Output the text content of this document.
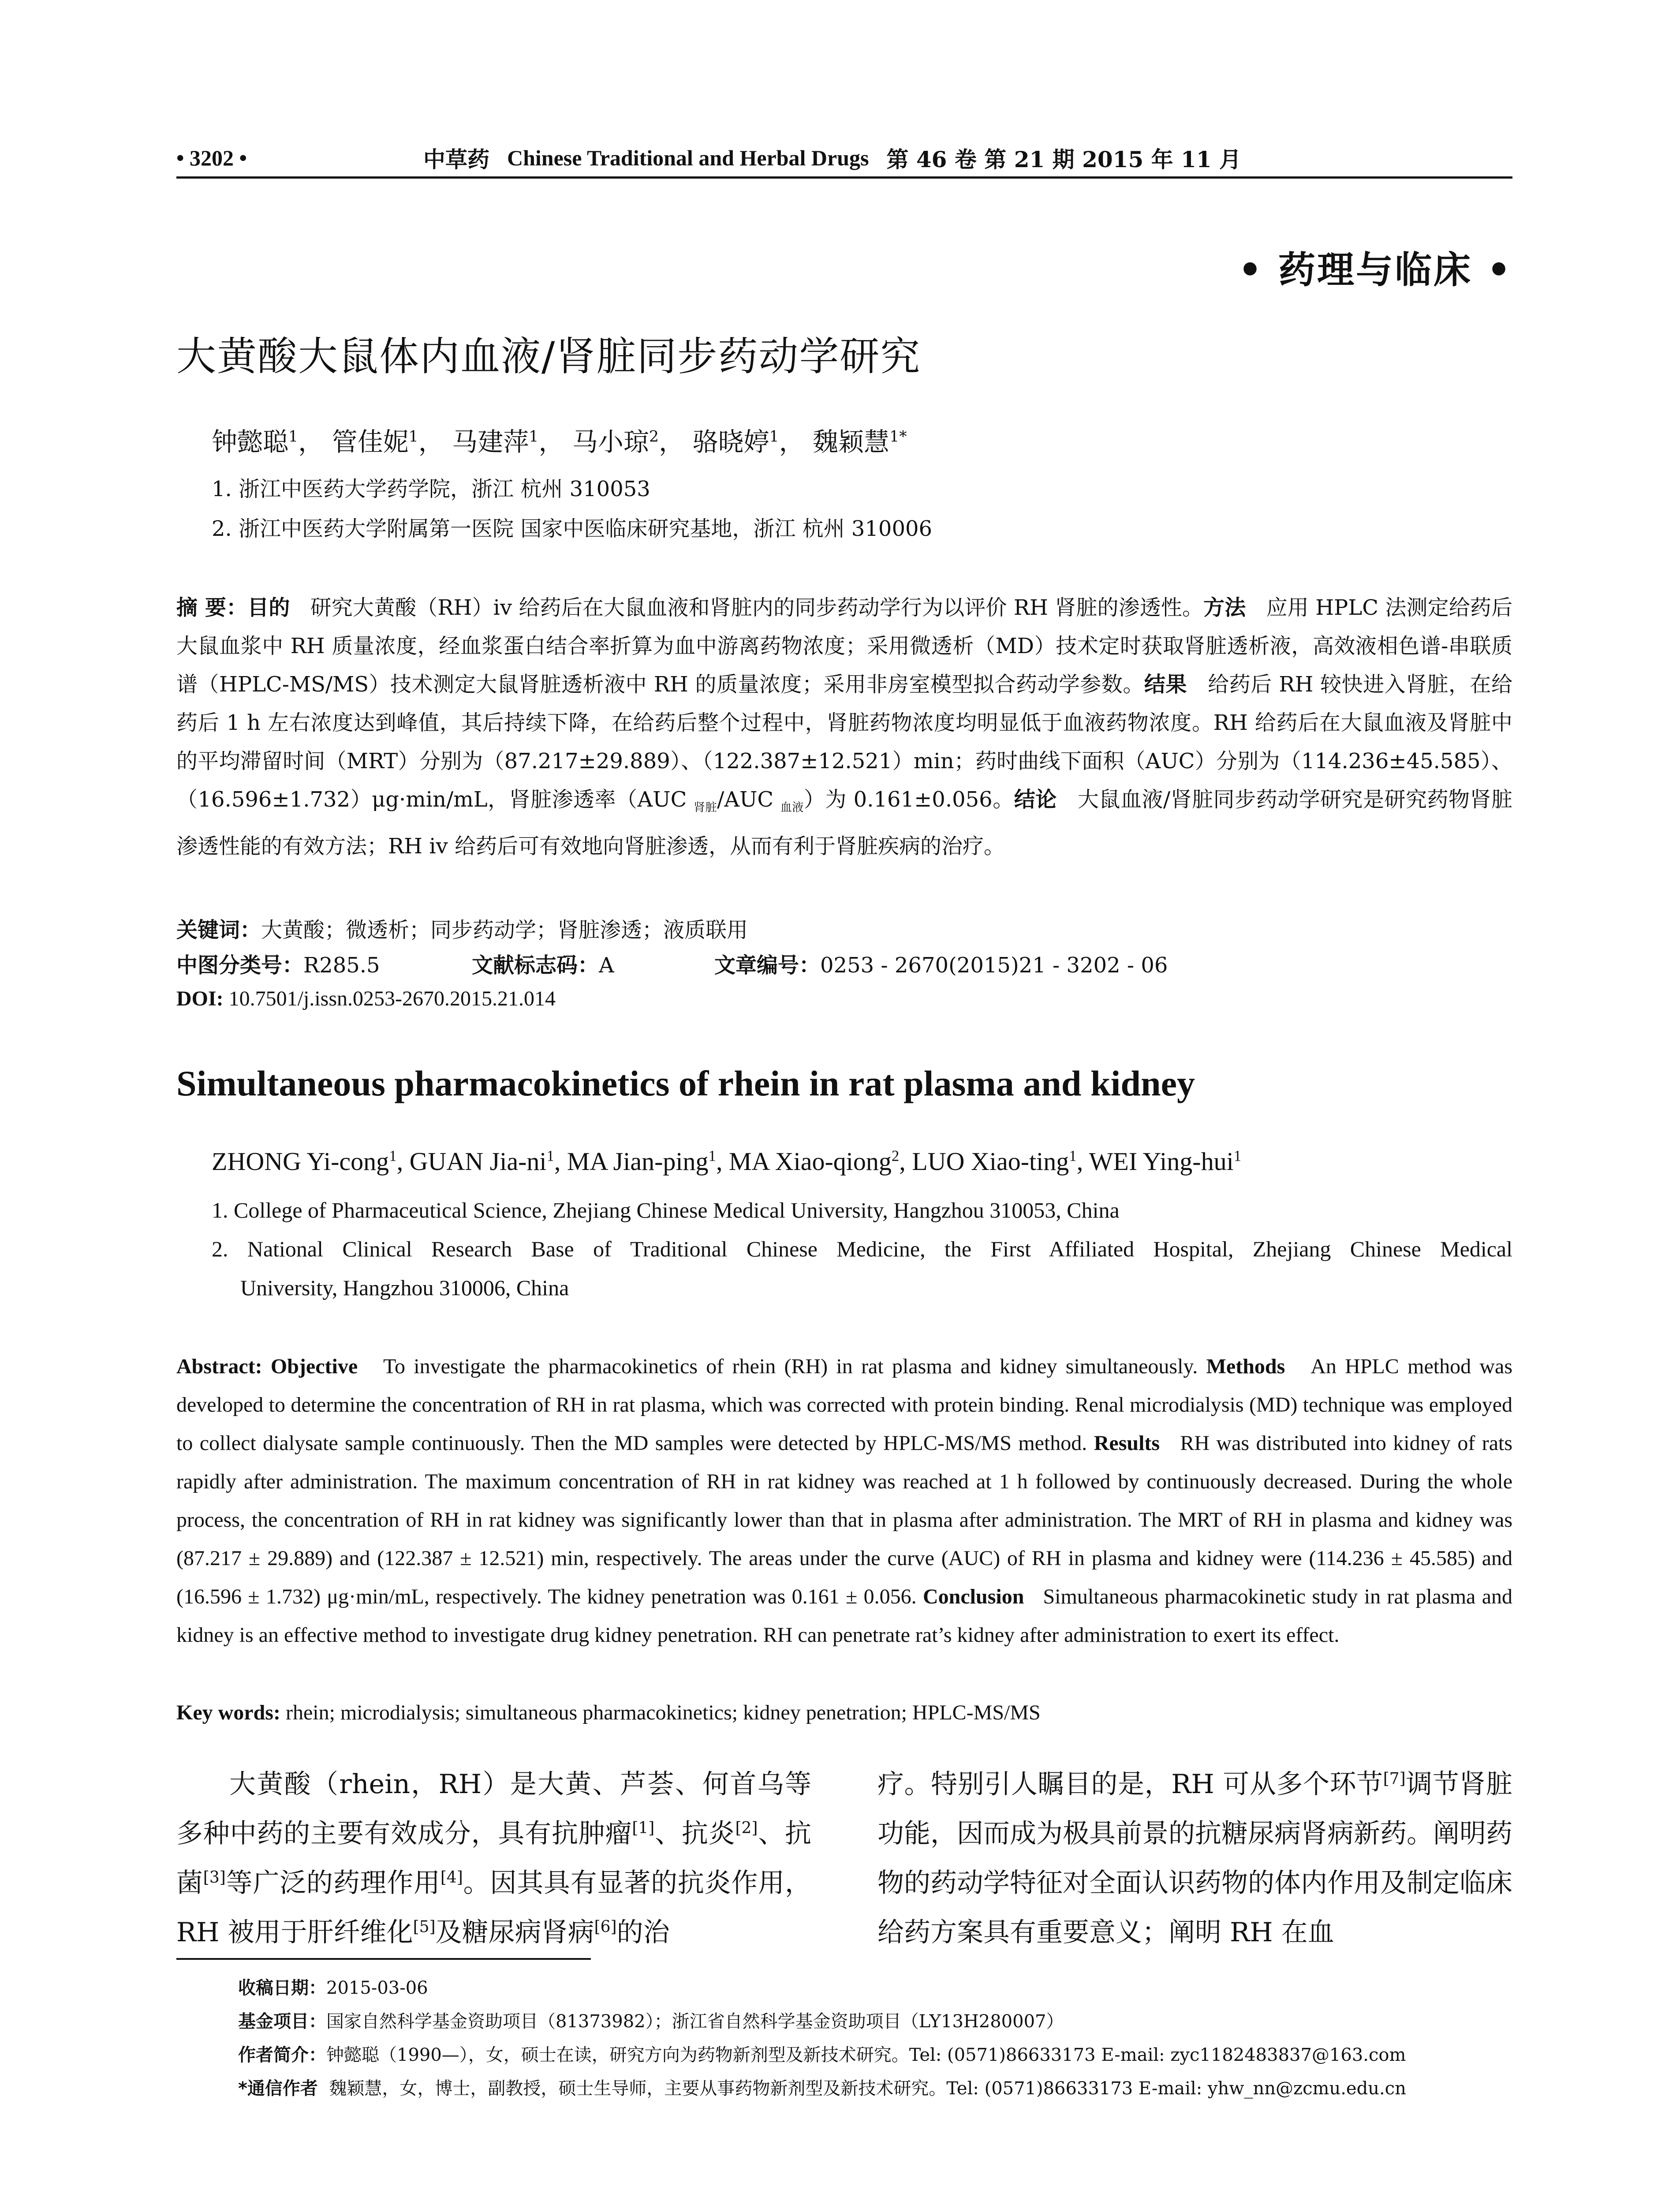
• 3202 •	中草药 Chinese Traditional and Herbal Drugs 第 46 卷 第 21 期 2015 年 11 月
• 药理与临床 •
大黄酸大鼠体内血液/肾脏同步药动学研究
钟懿聪$^1$， 管佳妮$^1$， 马建萍$^1$， 马小琼$^2$， 骆晓婷$^1$， 魏颖慧$^{1*}$
1. 浙江中医药大学药学院，浙江 杭州 310053
2. 浙江中医药大学附属第一医院 国家中医临床研究基地，浙江 杭州 310006
摘 要：目的 研究大黄酸（RH）iv 给药后在大鼠血液和肾脏内的同步药动学行为以评价 RH 肾脏的渗透性。方法 应用 HPLC 法测定给药后大鼠血浆中 RH 质量浓度，经血浆蛋白结合率折算为血中游离药物浓度；采用微透析（MD）技术定时获取肾脏透析液，高效液相色谱-串联质谱（HPLC-MS/MS）技术测定大鼠肾脏透析液中 RH 的质量浓度；采用非房室模型拟合药动学参数。结果 给药后 RH 较快进入肾脏，在给药后 1 h 左右浓度达到峰值，其后持续下降，在给药后整个过程中，肾脏药物浓度均明显低于血液药物浓度。RH 给药后在大鼠血液及肾脏中的平均滞留时间（MRT）分别为（87.217±29.889）、（122.387±12.521）min；药时曲线下面积（AUC）分别为（114.236±45.585）、（16.596±1.732）μg·min/mL，肾脏渗透率（AUC $_{肾脏}$/AUC $_{血液}$）为 0.161±0.056。结论 大鼠血液/肾脏同步药动学研究是研究药物肾脏渗透性能的有效方法；RH iv 给药后可有效地向肾脏渗透，从而有利于肾脏疾病的治疗。
关键词：大黄酸；微透析；同步药动学；肾脏渗透；液质联用
中图分类号：R285.5	文献标志码：A	文章编号：0253 - 2670(2015)21 - 3202 - 06
DOI: 10.7501/j.issn.0253-2670.2015.21.014
Simultaneous pharmacokinetics of rhein in rat plasma and kidney
ZHONG Yi-cong$^1$, GUAN Jia-$ni^1$, MA Jian-ping$^1$, MA Xiao-qiong$^2$, LUO Xiao-ting$^1$, WEI Ying-hui$^1$
1. College of Pharmaceutical Science, Zhejiang Chinese Medical University, Hangzhou 310053, China
2. National Clinical Research Base of Traditional Chinese Medicine, the First Affiliated Hospital, Zhejiang Chinese Medical
University, Hangzhou 310006, China
Abstract: Objective To investigate the pharmacokinetics of rhein (RH) in rat plasma and kidney simultaneously. Methods An HPLC method was developed to determine the concentration of RH in rat plasma, which was corrected with protein binding. Renal microdialysis (MD) technique was employed to collect dialysate sample continuously. Then the MD samples were detected by HPLC-MS/MS method. Results RH was distributed into kidney of rats rapidly after administration. The maximum concentration of RH in rat kidney was reached at 1 h followed by continuously decreased. During the whole process, the concentration of RH in rat kidney was significantly lower than that in plasma after administration. The MRT of RH in plasma and kidney was (87.217 ± 29.889) and (122.387 ± 12.521) min, respectively. The areas under the curve (AUC) of RH in plasma and kidney were (114.236 ± 45.585) and (16.596 ± 1.732) μg·min/mL, respectively. The kidney penetration was 0.161 ± 0.056. Conclusion Simultaneous pharmacokinetic study in rat plasma and kidney is an effective method to investigate drug kidney penetration. RH can penetrate rat’s kidney after administration to exert its effect.
Key words: rhein; microdialysis; simultaneous pharmacokinetics; kidney penetration; HPLC-MS/MS
大黄酸（rhein，RH）是大黄、芦荟、何首乌等多种中药的主要有效成分，具有抗肿瘤[1]、抗炎[2]、抗菌[3]等广泛的药理作用[4]。因其具有显著的抗炎作用，RH 被用于肝纤维化[5]及糖尿病肾病[6]的治
疗。特别引人瞩目的是，RH 可从多个环节[7]调节肾脏功能，因而成为极具前景的抗糖尿病肾病新药。阐明药物的药动学特征对全面认识药物的体内作用及制定临床给药方案具有重要意义；阐明 RH 在血
收稿日期：2015-03-06
基金项目：国家自然科学基金资助项目（81373982）；浙江省自然科学基金资助项目（LY13H280007）
作者简介：钟懿聪（1990—），女，硕士在读，研究方向为药物新剂型及新技术研究。Tel: (0571)86633173 E-mail: zyc1182483837@163.com
*通信作者 魏颖慧，女，博士，副教授，硕士生导师，主要从事药物新剂型及新技术研究。Tel: (0571)86633173 E-mail: yhw_nn@zcmu.edu.cn
